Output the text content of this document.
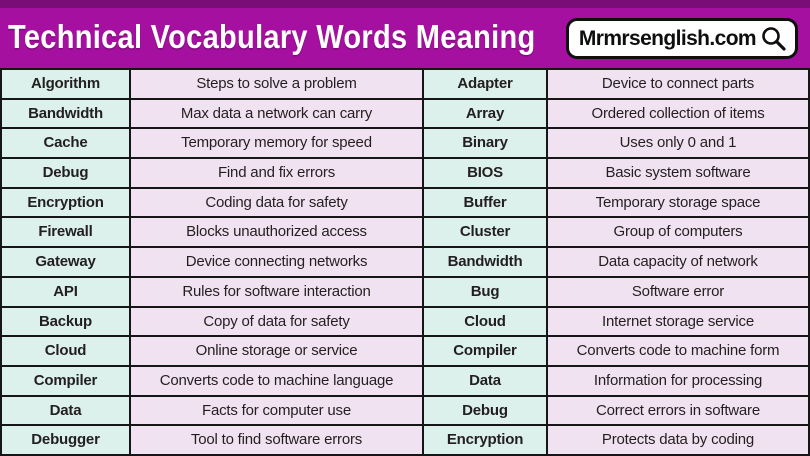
Technical Vocabulary Words Meaning Mrmrsenglish.com
Algorithm	Steps to solve a problem	Adapter	Device to connect parts
Bandwidth	Max data a network can carry	Array	Ordered collection of items
Cache	Temporary memory for speed	Binary	Uses only 0 and 1
Debug	Find and fix errors	BIOS	Basic system software
Encryption	Coding data for safety	Buffer	Temporary storage space
Firewall	Blocks unauthorized access	Cluster	Group of computers
Gateway	Device connecting networks	Bandwidth	Data capacity of network
API	Rules for software interaction	Bug	Software error
Backup	Copy of data for safety	Cloud	Internet storage service
Cloud	Online storage or service	Compiler	Converts code to machine form
Compiler	Converts code to machine language	Data	Information for processing
Data	Facts for computer use	Debug	Correct errors in software
Debugger	Tool to find software errors	Encryption	Protects data by coding
